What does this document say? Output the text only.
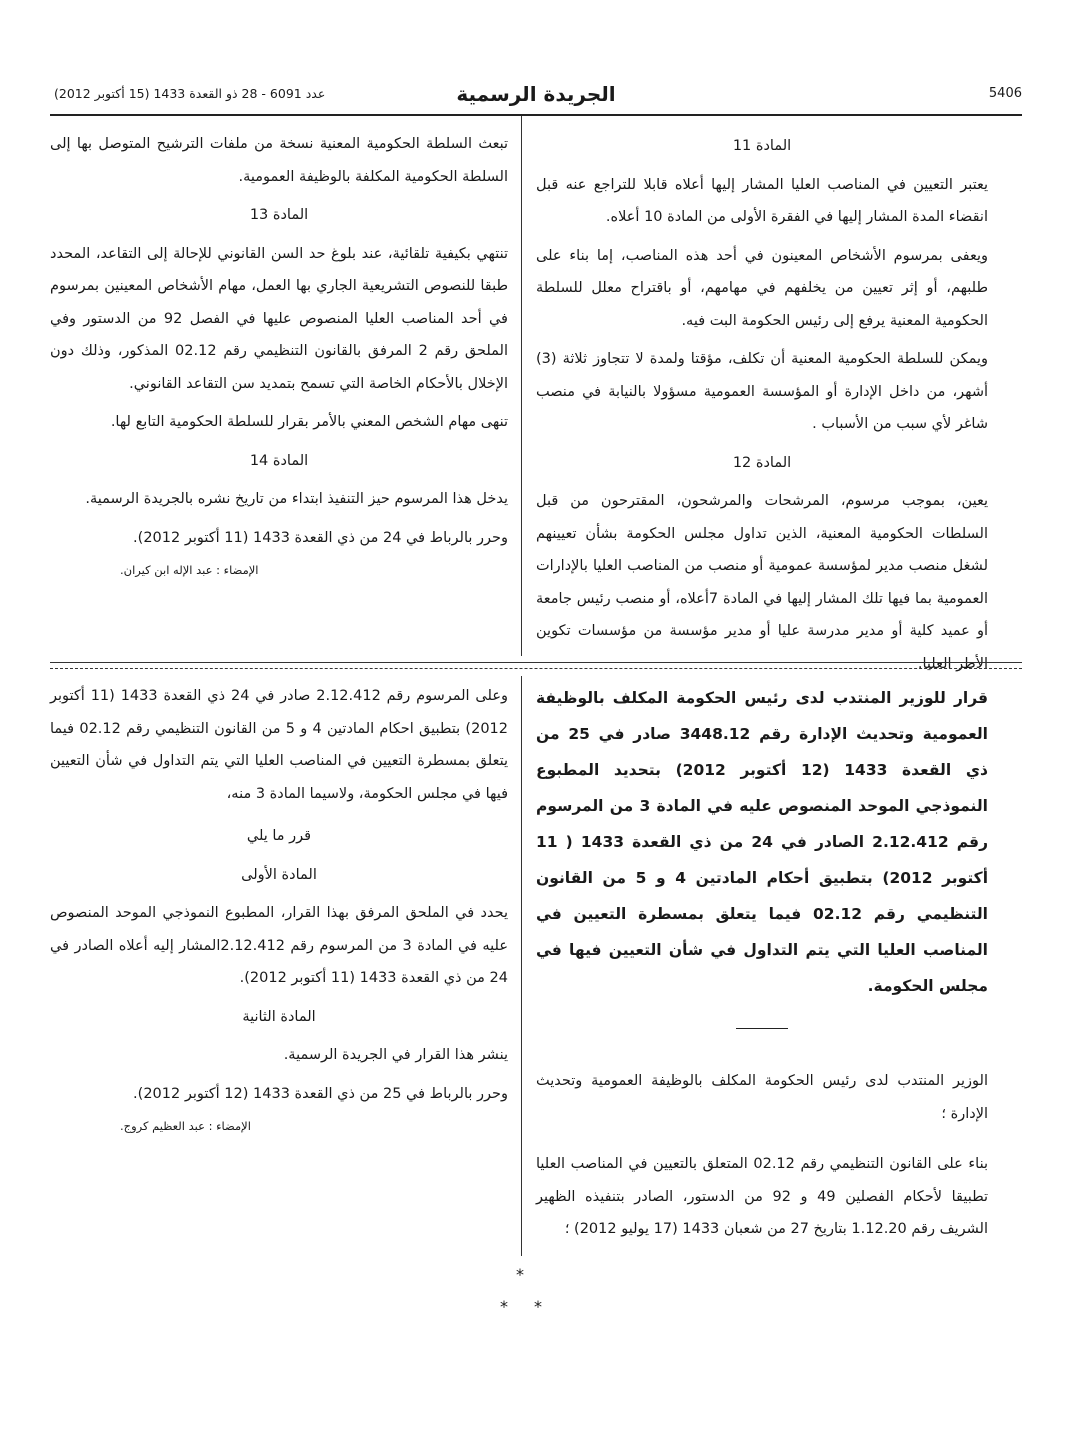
عدد 6091 - 28 ذو القعدة 1433 (15 أكتوبر 2012)	الجريدة الرسمية	5406

المادة 11

يعتبر التعيين في المناصب العليا المشار إليها أعلاه قابلا للتراجع عنه قبل انقضاء المدة المشار إليها في الفقرة الأولى من المادة 10 أعلاه.

ويعفى بمرسوم الأشخاص المعينون في أحد هذه المناصب، إما بناء على طلبهم، أو إثر تعيين من يخلفهم في مهامهم، أو باقتراح معلل للسلطة الحكومية المعنية يرفع إلى رئيس الحكومة البت فيه.

ويمكن للسلطة الحكومية المعنية أن تكلف، مؤقتا ولمدة لا تتجاوز ثلاثة (3) أشهر، من داخل الإدارة أو المؤسسة العمومية مسؤولا بالنيابة في منصب شاغر لأي سبب من الأسباب .

المادة 12

يعين، بموجب مرسوم، المرشحات والمرشحون، المقترحون من قبل السلطات الحكومية المعنية، الذين تداول مجلس الحكومة بشأن تعيينهم لشغل منصب مدير لمؤسسة عمومية أو منصب من المناصب العليا بالإدارات العمومية بما فيها تلك المشار إليها في المادة 7أعلاه، أو منصب رئيس جامعة أو عميد كلية أو مدير مدرسة عليا أو مدير مؤسسة من مؤسسات تكوين الأطر العليا.

تبعث السلطة الحكومية المعنية نسخة من ملفات الترشيح المتوصل بها إلى السلطة الحكومية المكلفة بالوظيفة العمومية.

المادة 13

تنتهي بكيفية تلقائية، عند بلوغ حد السن القانوني للإحالة إلى التقاعد، المحدد طبقا للنصوص التشريعية الجاري بها العمل، مهام الأشخاص المعينين بمرسوم في أحد المناصب العليا المنصوص عليها في الفصل 92 من الدستور وفي الملحق رقم 2 المرفق بالقانون التنظيمي رقم 02.12 المذكور، وذلك دون الإخلال بالأحكام الخاصة التي تسمح بتمديد سن التقاعد القانوني.

تنهى مهام الشخص المعني بالأمر بقرار للسلطة الحكومية التابع لها.

المادة 14

يدخل هذا المرسوم حيز التنفيذ ابتداء من تاريخ نشره بالجريدة الرسمية.

وحرر بالرباط في 24 من ذي القعدة 1433 (11 أكتوبر 2012).

الإمضاء : عبد الإله ابن كيران.

قرار للوزير المنتدب لدى رئيس الحكومة المكلف بالوظيفة العمومية وتحديث الإدارة رقم 3448.12 صادر في 25 من ذي القعدة 1433 (12 أكتوبر 2012) بتحديد المطبوع النموذجي الموحد المنصوص عليه في المادة 3 من المرسوم رقم 2.12.412 الصادر في 24 من ذي القعدة 1433 ( 11 أكتوبر 2012) بتطبيق أحكام المادتين 4 و 5 من القانون التنظيمي رقم 02.12 فيما يتعلق بمسطرة التعيين في المناصب العليا التي يتم التداول في شأن التعيين فيها في مجلس الحكومة.

الوزير المنتدب لدى رئيس الحكومة المكلف بالوظيفة العمومية وتحديث الإدارة ؛

بناء على القانون التنظيمي رقم 02.12 المتعلق بالتعيين في المناصب العليا تطبيقا لأحكام الفصلين 49 و 92 من الدستور، الصادر بتنفيذه الظهير الشريف رقم 1.12.20 بتاريخ 27 من شعبان 1433 (17 يوليو 2012) ؛

وعلى المرسوم رقم 2.12.412 صادر في 24 ذي القعدة 1433 (11 أكتوبر 2012) بتطبيق احكام المادتين 4 و 5 من القانون التنظيمي رقم 02.12 فيما يتعلق بمسطرة التعيين في المناصب العليا التي يتم التداول في شأن التعيين فيها في مجلس الحكومة، ولاسيما المادة 3 منه،

قرر ما يلي

المادة الأولى

يحدد في الملحق المرفق بهذا القرار، المطبوع النموذجي الموحد المنصوص عليه في المادة 3 من المرسوم رقم 2.12.412المشار إليه أعلاه الصادر في 24 من ذي القعدة 1433 (11 أكتوبر 2012).

المادة الثانية

ينشر هذا القرار في الجريدة الرسمية.

وحرر بالرباط في 25 من ذي القعدة 1433 (12 أكتوبر 2012).

الإمضاء : عبد العظيم كروج.

*
* *
